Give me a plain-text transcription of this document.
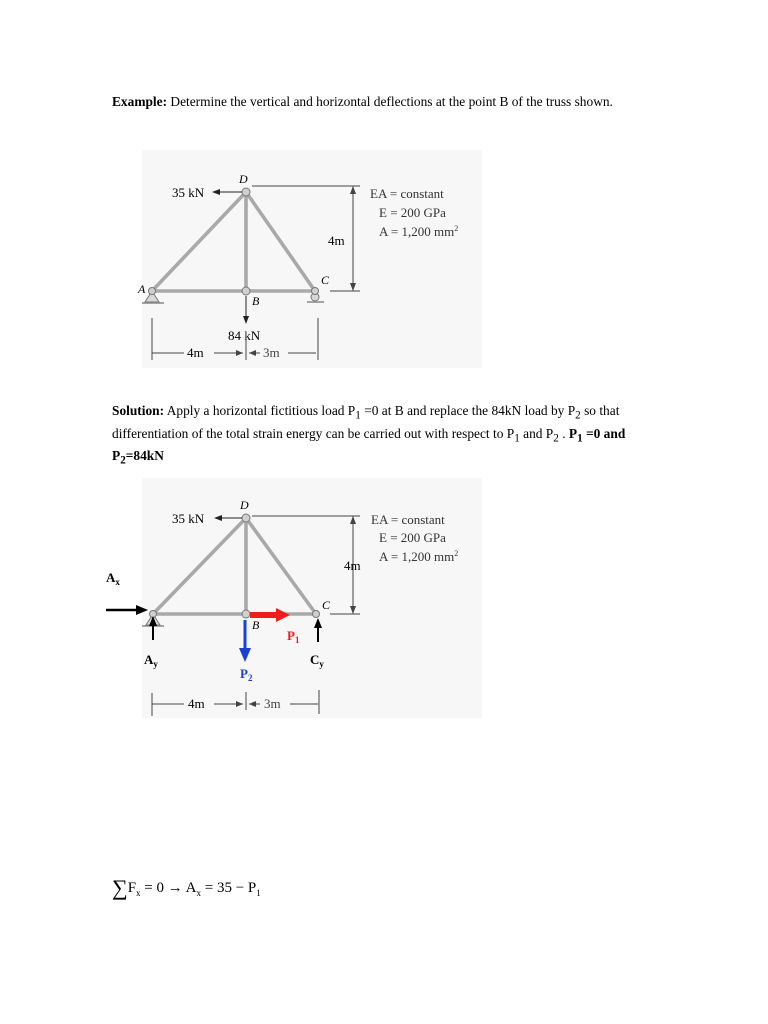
Example: Determine the vertical and horizontal deflections at the point B of the truss shown.
35 kN
D
B
84 kN
A
C
4m
4m	3m
EA = constant
E = 200 GPa
A = 1,200 $mm^2$
Solution: Apply a horizontal fictitious load $P_1 =0$ at B and replace the 84kN load by $P_2$ so that differentiation of the total strain energy can be carried out with respect to $P_1$ and $P_2$ . $P_1 =0$ and $P_2=84kN$
35 kN
D
B
C
4m
EA = constant
E = 200 GPa
A = 1,200 $mm^2$
$A_x$
$A_y$	$C_y$
$P_1$
$P_2$
4m	3m
$\sum F_x = 0 \to A_x = 35 - P_1$
